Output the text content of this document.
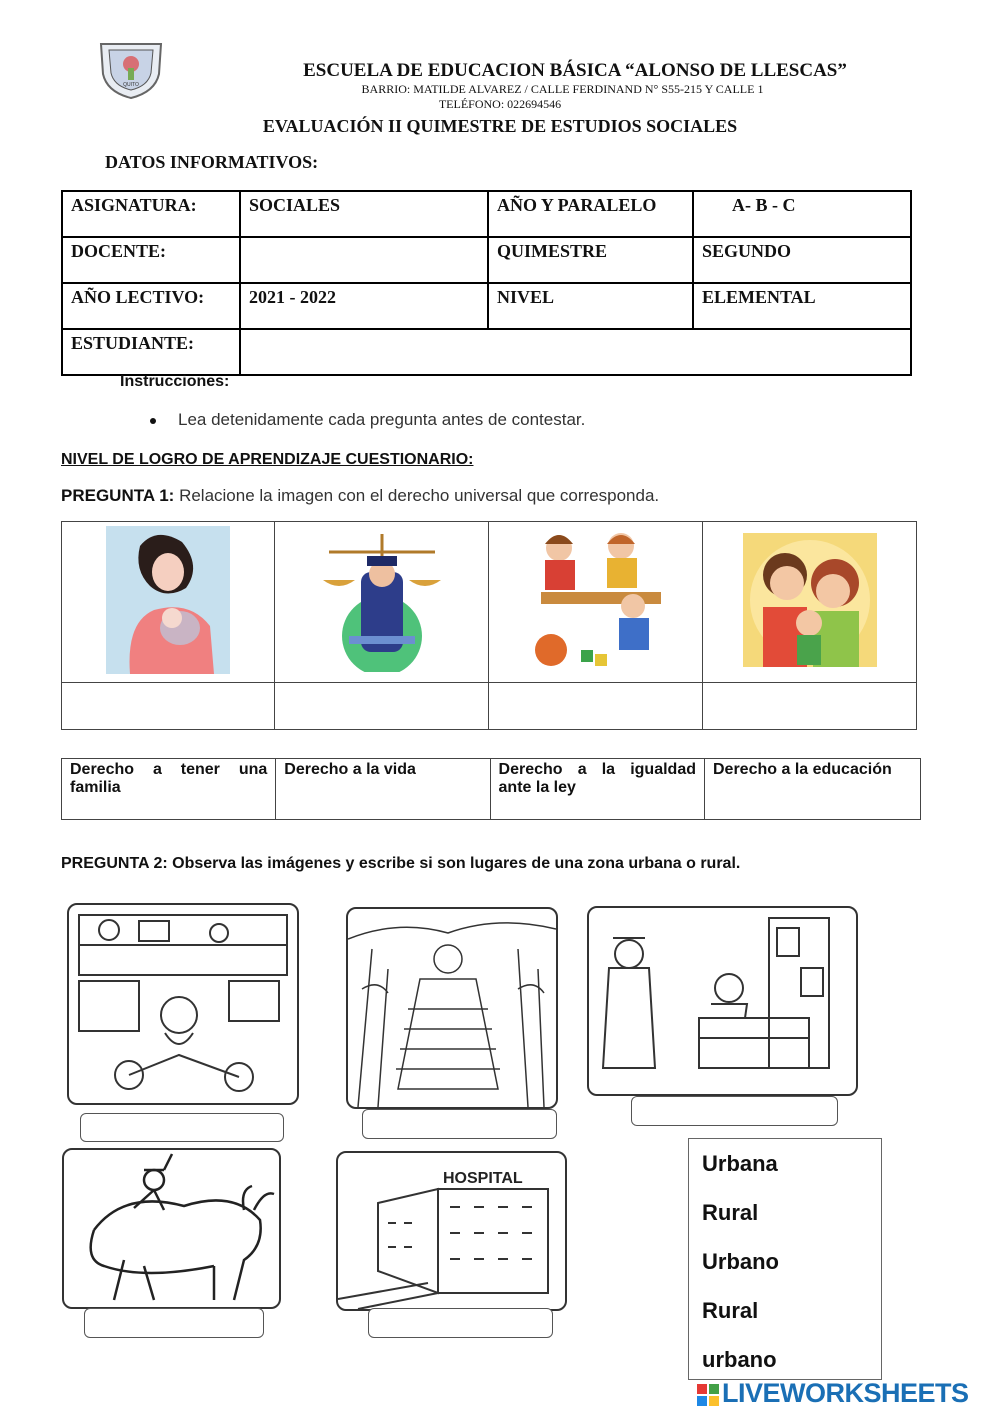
QUITO
ESCUELA DE EDUCACION BÁSICA “ALONSO DE LLESCAS”
BARRIO: MATILDE ALVAREZ / CALLE FERDINAND N° S55-215 Y CALLE 1
TELÉFONO: 022694546
EVALUACIÓN II QUIMESTRE DE ESTUDIOS SOCIALES
DATOS INFORMATIVOS:
ASIGNATURA:	SOCIALES	AÑO Y PARALELO	A- B - C
DOCENTE:		QUIMESTRE	SEGUNDO
AÑO LECTIVO:	2021 - 2022	NIVEL	ELEMENTAL
ESTUDIANTE:			
Instrucciones:
Lea detenidamente cada pregunta antes de contestar.
NIVEL DE LOGRO DE APRENDIZAJE CUESTIONARIO:
PREGUNTA 1: Relacione la imagen con el derecho universal que corresponda.

Derecho a tener una familia	Derecho a la vida	Derecho a la igualdad ante la ley	Derecho a la educación
PREGUNTA 2: Observa las imágenes y escribe si son lugares de una zona urbana o rural.
HOSPITAL
Urbana
Rural
Urbano
Rural
urbano
LIVEWORKSHEETS
